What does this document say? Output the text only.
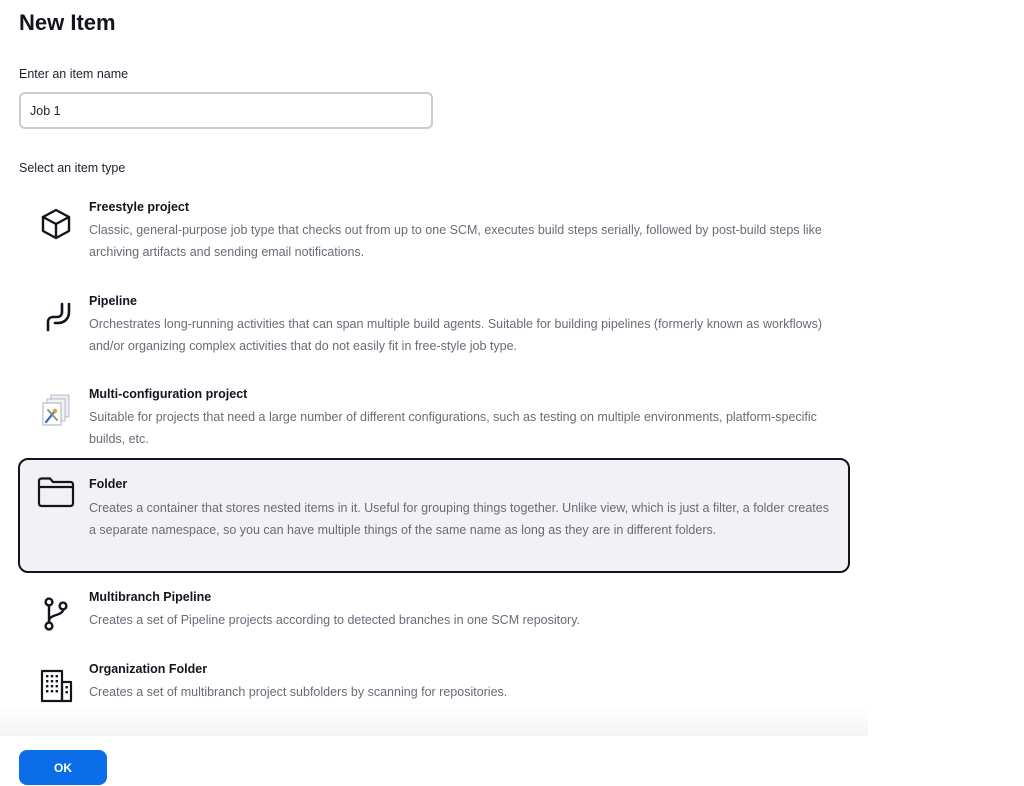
New Item
Enter an item name
Job 1
Select an item type
Freestyle project
Classic, general-purpose job type that checks out from up to one SCM, executes build steps serially, followed by post-build steps like archiving artifacts and sending email notifications.
Pipeline
Orchestrates long-running activities that can span multiple build agents. Suitable for building pipelines (formerly known as workflows) and/or organizing complex activities that do not easily fit in free-style job type.
Multi-configuration project
Suitable for projects that need a large number of different configurations, such as testing on multiple environments, platform-specific builds, etc.
Folder
Creates a container that stores nested items in it. Useful for grouping things together. Unlike view, which is just a filter, a folder creates a separate namespace, so you can have multiple things of the same name as long as they are in different folders.
Multibranch Pipeline
Creates a set of Pipeline projects according to detected branches in one SCM repository.
Organization Folder
Creates a set of multibranch project subfolders by scanning for repositories.
OK
